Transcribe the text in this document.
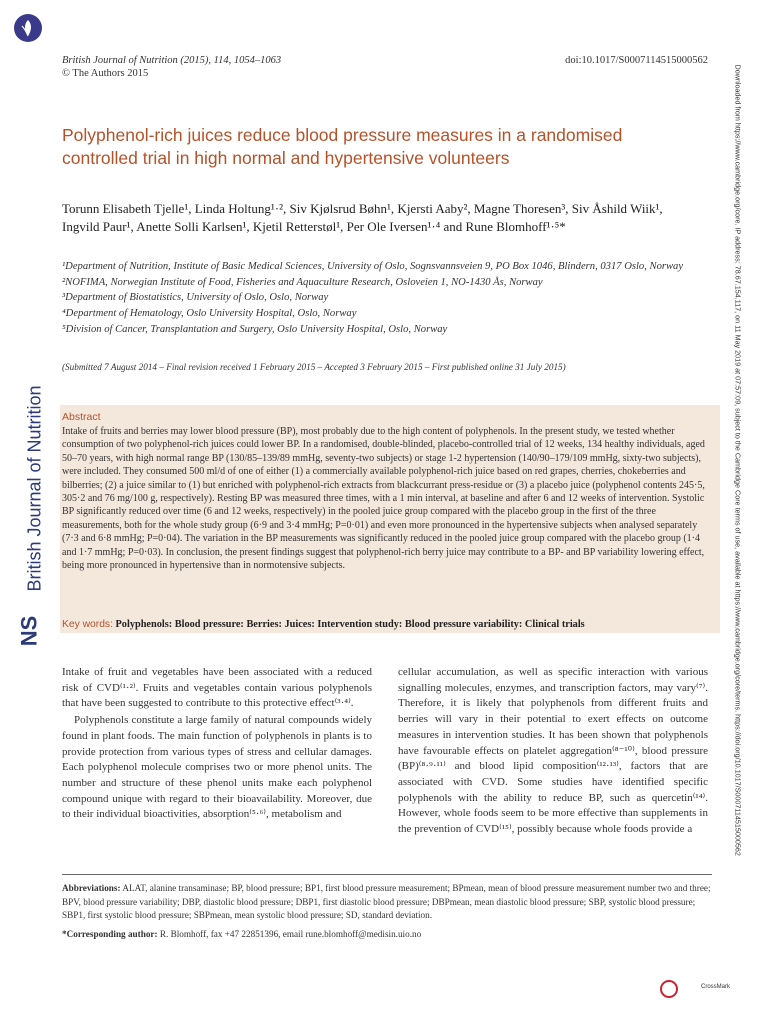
British Journal of Nutrition (2015), 114, 1054–1063
© The Authors 2015
doi:10.1017/S0007114515000562
Polyphenol-rich juices reduce blood pressure measures in a randomised controlled trial in high normal and hypertensive volunteers
Torunn Elisabeth Tjelle¹, Linda Holtung¹·², Siv Kjølsrud Bøhn¹, Kjersti Aaby², Magne Thoresen³, Siv Åshild Wiik¹, Ingvild Paur¹, Anette Solli Karlsen¹, Kjetil Retterstøl¹, Per Ole Iversen¹·⁴ and Rune Blomhoff¹·⁵*
¹Department of Nutrition, Institute of Basic Medical Sciences, University of Oslo, Sognsvannsveien 9, PO Box 1046, Blindern, 0317 Oslo, Norway
²NOFIMA, Norwegian Institute of Food, Fisheries and Aquaculture Research, Osloveien 1, NO-1430 Ås, Norway
³Department of Biostatistics, University of Oslo, Oslo, Norway
⁴Department of Hematology, Oslo University Hospital, Oslo, Norway
⁵Division of Cancer, Transplantation and Surgery, Oslo University Hospital, Oslo, Norway
(Submitted 7 August 2014 – Final revision received 1 February 2015 – Accepted 3 February 2015 – First published online 31 July 2015)
Abstract
Intake of fruits and berries may lower blood pressure (BP), most probably due to the high content of polyphenols. In the present study, we tested whether consumption of two polyphenol-rich juices could lower BP. In a randomised, double-blinded, placebo-controlled trial of 12 weeks, 134 healthy individuals, aged 50–70 years, with high normal range BP (130/85–139/89 mmHg, seventy-two subjects) or stage 1-2 hypertension (140/90–179/109 mmHg, sixty-two subjects), were included. They consumed 500 ml/d of one of either (1) a commercially available polyphenol-rich juice based on red grapes, cherries, chokeberries and bilberries; (2) a juice similar to (1) but enriched with polyphenol-rich extracts from blackcurrant press-residue or (3) a placebo juice (polyphenol contents 245·5, 305·2 and 76 mg/100 g, respectively). Resting BP was measured three times, with a 1 min interval, at baseline and after 6 and 12 weeks of intervention. Systolic BP significantly reduced over time (6 and 12 weeks, respectively) in the pooled juice group compared with the placebo group in the first of the three measurements, both for the whole study group (6·9 and 3·4 mmHg; P=0·01) and even more pronounced in the hypertensive subjects when analysed separately (7·3 and 6·8 mmHg; P=0·04). The variation in the BP measurements was significantly reduced in the pooled juice group compared with the placebo group (1·4 and 1·7 mmHg; P=0·03). In conclusion, the present findings suggest that polyphenol-rich berry juice may contribute to a BP- and BP variability lowering effect, being more pronounced in hypertensive than in normotensive subjects.
Key words: Polyphenols: Blood pressure: Berries: Juices: Intervention study: Blood pressure variability: Clinical trials

Intake of fruit and vegetables have been associated with a reduced risk of CVD⁽¹·²⁾. Fruits and vegetables contain various polyphenols that have been suggested to contribute to this protective effect⁽³·⁴⁾.

Polyphenols constitute a large family of natural compounds widely found in plant foods. The main function of polyphenols in plants is to provide protection from various types of stress and cellular damages. Each polyphenol molecule comprises two or more phenol units. The number and structure of these phenol units make each polyphenol compound unique with regard to their bioavailability. Moreover, due to their individual bioactivities, absorption⁽⁵·⁶⁾, metabolism and

cellular accumulation, as well as specific interaction with various signalling molecules, enzymes, and transcription factors, may vary⁽⁷⁾. Therefore, it is likely that polyphenols from different fruits and berries will vary in their potential to exert effects on outcome measures in intervention studies. It has been shown that polyphenols have favourable effects on platelet aggregation⁽⁸⁻¹⁰⁾, blood pressure (BP)⁽⁸·⁹·¹¹⁾ and blood lipid composition⁽¹²·¹³⁾, factors that are associated with CVD. Some studies have identified specific polyphenols with the ability to reduce BP, such as quercetin⁽¹⁴⁾. However, whole foods seem to be more effective than supplements in the prevention of CVD⁽¹⁵⁾, possibly because whole foods provide a

Abbreviations: ALAT, alanine transaminase; BP, blood pressure; BP1, first blood pressure measurement; BPmean, mean of blood pressure measurement number two and three; BPV, blood pressure variability; DBP, diastolic blood pressure; DBP1, first diastolic blood pressure; DBPmean, mean diastolic blood pressure; SBP, systolic blood pressure; SBP1, first systolic blood pressure; SBPmean, mean systolic blood pressure; SD, standard deviation.
*Corresponding author: R. Blomhoff, fax +47 22851396, email rune.blomhoff@medisin.uio.no
British Journal of Nutrition
NS	Downloaded from https://www.cambridge.org/core. IP address: 78.67.154.117, on 11 May 2019 at 07:57:09, subject to the Cambridge Core terms of use, available at https://www.cambridge.org/core/terms. https://doi.org/10.1017/S0007114515000562
CrossMark
